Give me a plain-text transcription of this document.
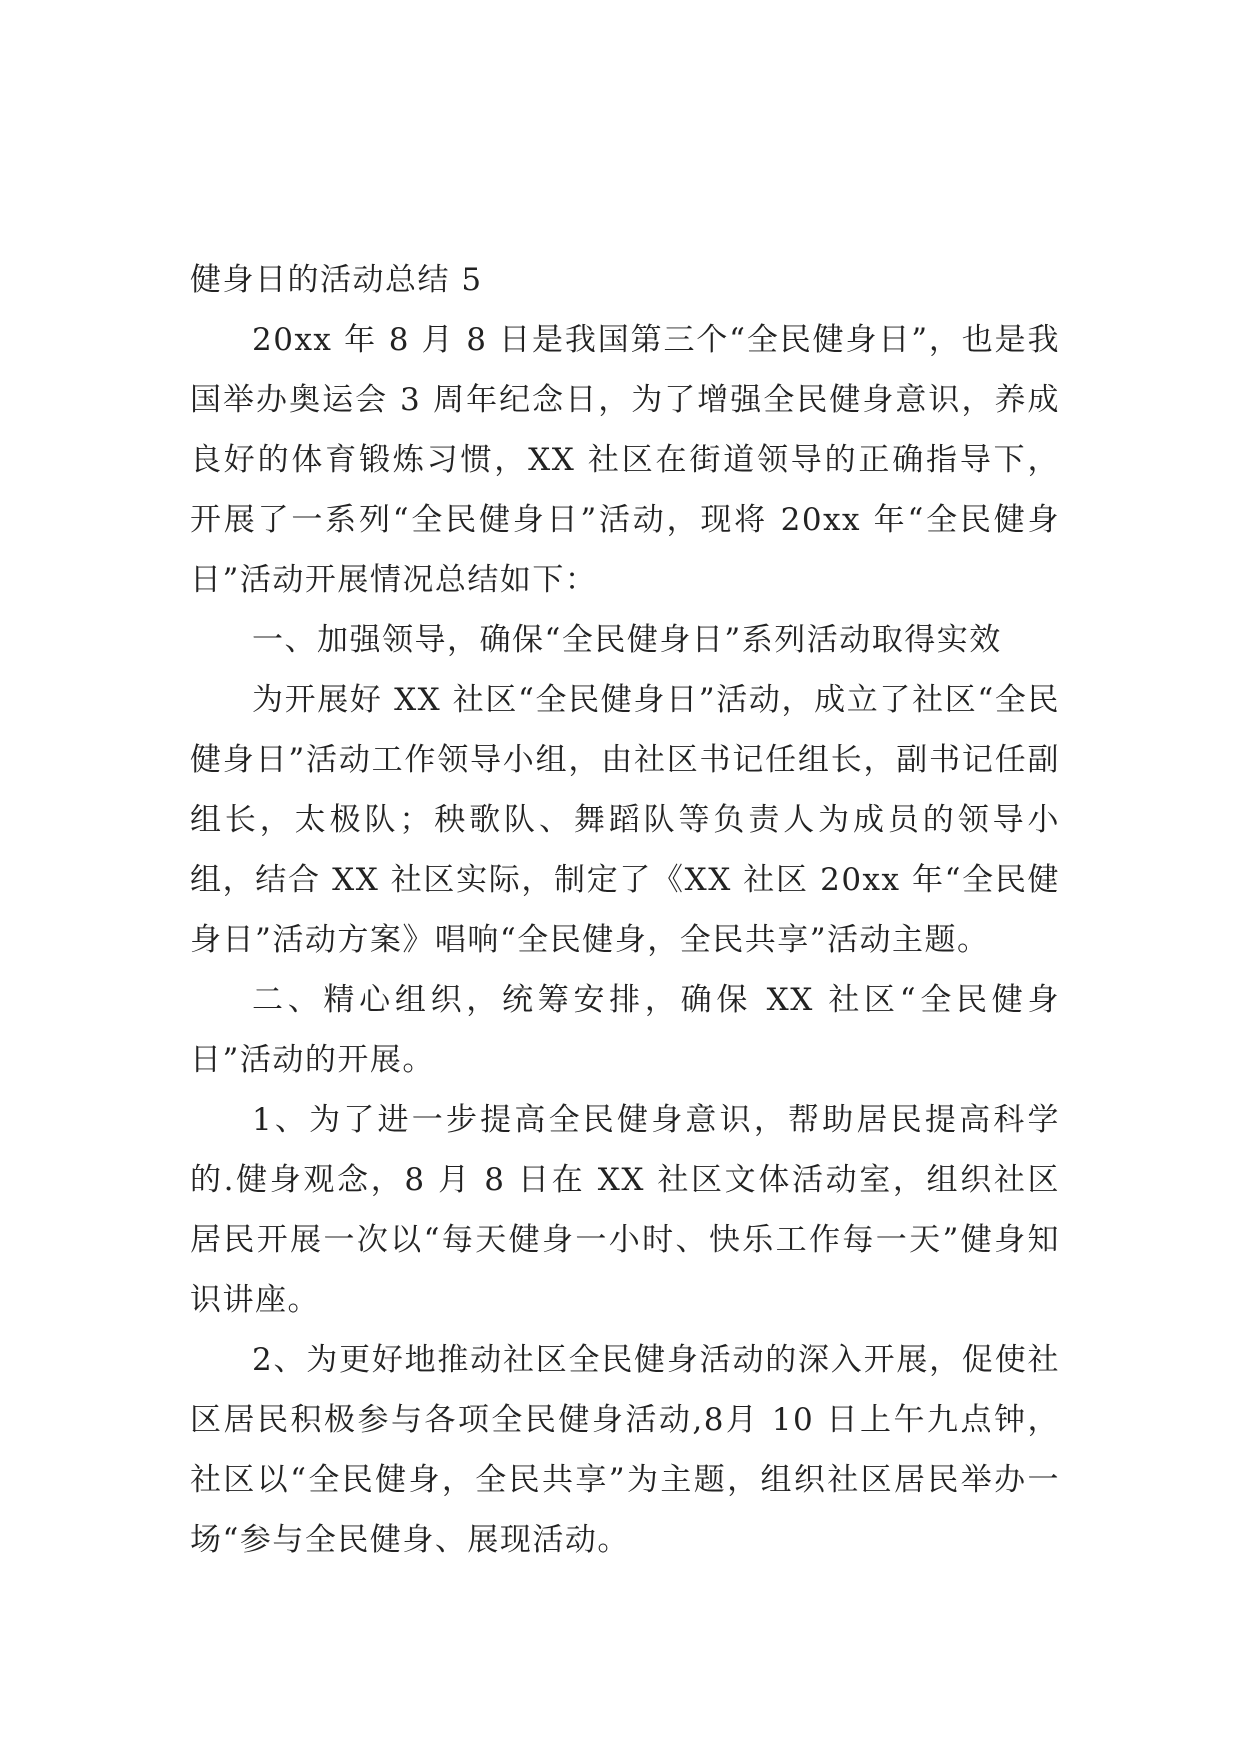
健身日的活动总结 5

20xx 年 8 月 8 日是我国第三个“全民健身日”，也是我国举办奥运会 3 周年纪念日，为了增强全民健身意识，养成良好的体育锻炼习惯，XX 社区在街道领导的正确指导下，开展了一系列“全民健身日”活动，现将 20xx 年“全民健身日”活动开展情况总结如下：

一、加强领导，确保“全民健身日”系列活动取得实效

为开展好 XX 社区“全民健身日”活动，成立了社区“全民健身日”活动工作领导小组，由社区书记任组长，副书记任副组长，太极队；秧歌队、舞蹈队等负责人为成员的领导小组，结合 XX 社区实际，制定了《XX 社区 20xx 年“全民健身日”活动方案》唱响“全民健身，全民共享”活动主题。

二、精心组织，统筹安排，确保 XX 社区“全民健身日”活动的开展。

1、为了进一步提高全民健身意识，帮助居民提高科学的.健身观念，8 月 8 日在 XX 社区文体活动室，组织社区居民开展一次以“每天健身一小时、快乐工作每一天”健身知识讲座。

2、为更好地推动社区全民健身活动的深入开展，促使社区居民积极参与各项全民健身活动,8月 10 日上午九点钟，社区以“全民健身，全民共享”为主题，组织社区居民举办一场“参与全民健身、展现活动。
